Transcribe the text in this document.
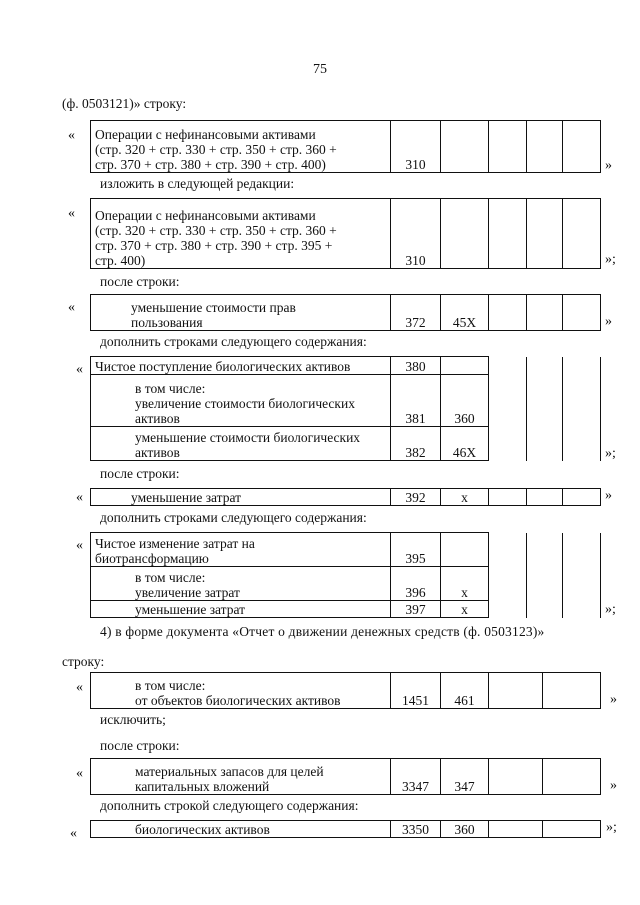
75
(ф. 0503121)» строку:
« Операции с нефинансовыми активами
(стр. 320 + стр. 330 + стр. 350 + стр. 360 +
стр. 370 + стр. 380 + стр. 390 + стр. 400)	310					»
изложить в следующей редакции:
« Операции с нефинансовыми активами
(стр. 320 + стр. 330 + стр. 350 + стр. 360 +
стр. 370 + стр. 380 + стр. 390 + стр. 395 +
стр. 400)	310					»;
после строки:
«	уменьшение стоимости прав
пользования	372	45X				»
дополнить строками следующего содержания:
« Чистое поступление биологических активов	380				

в том числе:
увеличение стоимости биологических
активов	381	360			

уменьшение стоимости биологических
активов	382	46X				»;
после строки:
«	уменьшение затрат	392	х				»
дополнить строками следующего содержания:
« Чистое изменение затрат на
биотрансформацию	395				

в том числе:
увеличение затрат	396	х			
уменьшение затрат	397	х				»;
4) в форме документа «Отчет о движении денежных средств (ф. 0503123)»
строку:
«	в том числе:
от объектов биологических активов	1451	461			»
исключить;
после строки:
«	материальных запасов для целей
капитальных вложений	3347	347			»
дополнить строкой следующего содержания:
«	биологических активов	3350	360			»;
